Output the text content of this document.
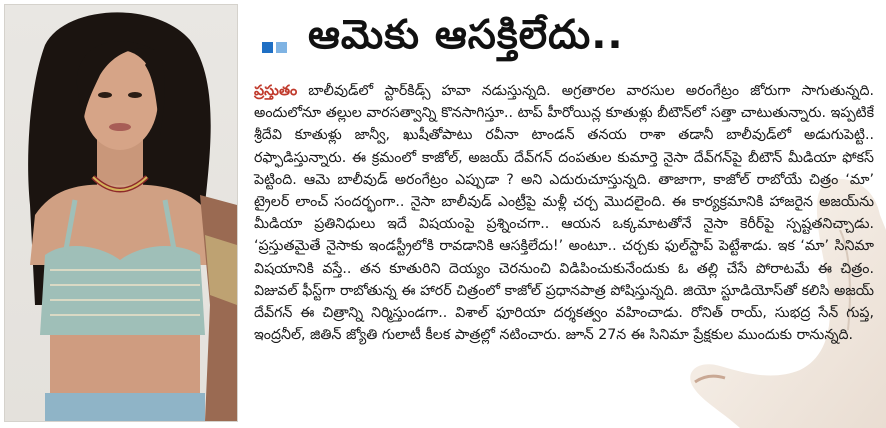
ఆమెకు ఆసక్తిలేదు..

ప్రస్తుతం బాలీవుడ్‌లో స్టార్‌కిడ్స్‌ హవా నడుస్తున్నది. అగ్రతారల వారసుల అరంగేట్రం జోరుగా సాగుతున్నది. అందులోనూ తల్లుల వారసత్వాన్ని కొనసాగిస్తూ.. టాప్‌ హీరోయిన్ల కూతుళ్లు బీటౌన్‌లో సత్తా చాటుతున్నారు. ఇప్పటికే శ్రీదేవి కూతుళ్లు జాన్వీ, ఖుషీతోపాటు రవీనా టాండన్‌ తనయ రాశా తడానీ బాలీవుడ్‌లో అడుగుపెట్టి.. రఫ్ఫాడిస్తున్నారు. ఈ క్రమంలో కాజోల్‌, అజయ్‌ దేవ్‌గన్‌ దంపతుల కుమార్తె నైసా దేవ్‌గన్‌పై బీటౌన్‌ మీడియా ఫోకస్‌ పెట్టింది. ఆమె బాలీవుడ్‌ అరంగేట్రం ఎప్పుడా ? అని ఎదురుచూస్తున్నది. తాజాగా, కాజోల్‌ రాబోయే చిత్రం ‘మా’ ట్రైలర్‌ లాంచ్‌ సందర్భంగా.. నైసా బాలీవుడ్‌ ఎంట్రీపై మళ్లీ చర్చ మొదలైంది. ఈ కార్యక్రమానికి హాజరైన అజయ్‌ను మీడియా ప్రతినిధులు ఇదే విషయంపై ప్రశ్నించగా.. ఆయన ఒక్కమాటతోనే నైసా కెరీర్‌పై స్పష్టతనిచ్చాడు. ‘ప్రస్తుతమైతే నైసాకు ఇండస్ట్రీలోకి రావడానికి ఆసక్తిలేదు!’ అంటూ.. చర్చకు ఫుల్‌స్టాప్‌ పెట్టేశాడు. ఇక ‘మా’ సినిమా విషయానికి వస్తే.. తన కూతురిని దెయ్యం చెరనుంచి విడిపించుకునేందుకు ఓ తల్లి చేసే పోరాటమే ఈ చిత్రం. విజువల్‌ ఫీస్ట్‌గా రాబోతున్న ఈ హారర్‌ చిత్రంలో కాజోల్‌ ప్రధానపాత్ర పోషిస్తున్నది. జియో స్టూడియోస్‌తో కలిసి అజయ్‌ దేవ్‌గన్‌ ఈ చిత్రాన్ని నిర్మిస్తుండగా.. విశాల్‌ ఫూరియా దర్శకత్వం వహించాడు. రోనిత్‌ రాయ్‌, సుభద్ర సేన్‌ గుప్త, ఇంద్రనీల్‌, జితిన్‌ జ్యోతి గులాటీ కీలక పాత్రల్లో నటించారు. జూన్‌ 27న ఈ సినిమా ప్రేక్షకుల ముందుకు రానున్నది.
